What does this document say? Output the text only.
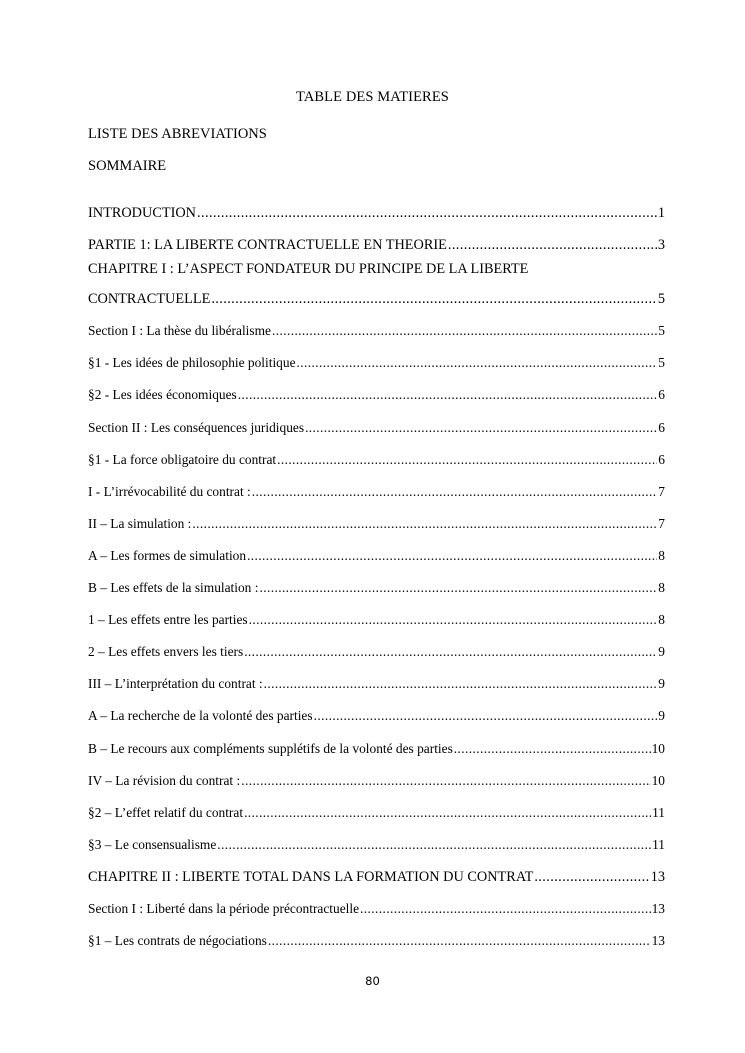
TABLE DES MATIERES
LISTE DES ABREVIATIONS
SOMMAIRE
INTRODUCTION .....	1
PARTIE 1: LA LIBERTE CONTRACTUELLE EN THEORIE .....	3
CHAPITRE I : L’ASPECT FONDATEUR DU PRINCIPE DE LA LIBERTE
CONTRACTUELLE .....	5
Section I : La thèse du libéralisme .....	5
§1 - Les idées de philosophie politique .....	5
§2 - Les idées économiques .....	6
Section II : Les conséquences juridiques .....	6
§1 - La force obligatoire du contrat .....	6
I - L’irrévocabilité du contrat : .....	7
II – La simulation : .....	7
A – Les formes de simulation .....	8
B – Les effets de la simulation : .....	8
1 – Les effets entre les parties .....	8
2 – Les effets envers les tiers .....	9
III – L’interprétation du contrat : .....	9
A – La recherche de la volonté des parties .....	9
B – Le recours aux compléments supplétifs de la volonté des parties .....	10
IV – La révision du contrat : .....	10
§2 – L’effet relatif du contrat .....	11
§3 – Le consensualisme .....	11
CHAPITRE II : LIBERTE TOTAL DANS LA FORMATION DU CONTRAT .....	13
Section I : Liberté dans la période précontractuelle .....	13
§1 – Les contrats de négociations .....	13
80
